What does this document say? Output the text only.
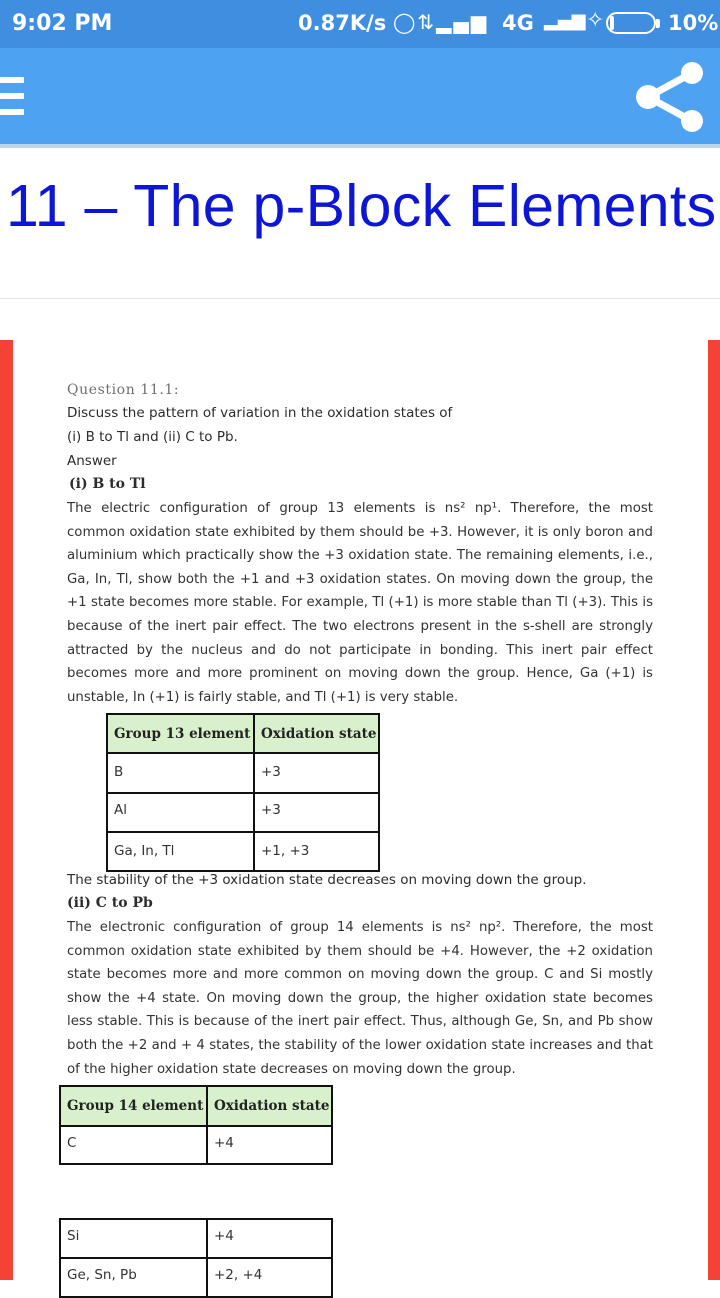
9:02 PM	0.87K/s ◯⇅▂▄▆ 4G ▂▄▆ ✧	10%
11 – The p-Block Elements
Question 11.1:
Discuss the pattern of variation in the oxidation states of
(i) B to Tl and (ii) C to Pb.
Answer
(i) B to Tl
The electric configuration of group 13 elements is ns² np¹. Therefore, the most common oxidation state exhibited by them should be +3. However, it is only boron and aluminium which practically show the +3 oxidation state. The remaining elements, i.e., Ga, In, Tl, show both the +1 and +3 oxidation states. On moving down the group, the +1 state becomes more stable. For example, Tl (+1) is more stable than Tl (+3). This is because of the inert pair effect. The two electrons present in the s-shell are strongly attracted by the nucleus and do not participate in bonding. This inert pair effect becomes more and more prominent on moving down the group. Hence, Ga (+1) is unstable, In (+1) is fairly stable, and Tl (+1) is very stable.
Group 13 element	Oxidation state
B	+3
Al	+3
Ga, In, Tl	+1, +3
The stability of the +3 oxidation state decreases on moving down the group.
(ii) C to Pb
The electronic configuration of group 14 elements is ns² np². Therefore, the most common oxidation state exhibited by them should be +4. However, the +2 oxidation state becomes more and more common on moving down the group. C and Si mostly show the +4 state. On moving down the group, the higher oxidation state becomes less stable. This is because of the inert pair effect. Thus, although Ge, Sn, and Pb show both the +2 and + 4 states, the stability of the lower oxidation state increases and that of the higher oxidation state decreases on moving down the group.
Group 14 element	Oxidation state
C	+4
Si	+4
Ge, Sn, Pb	+2, +4
